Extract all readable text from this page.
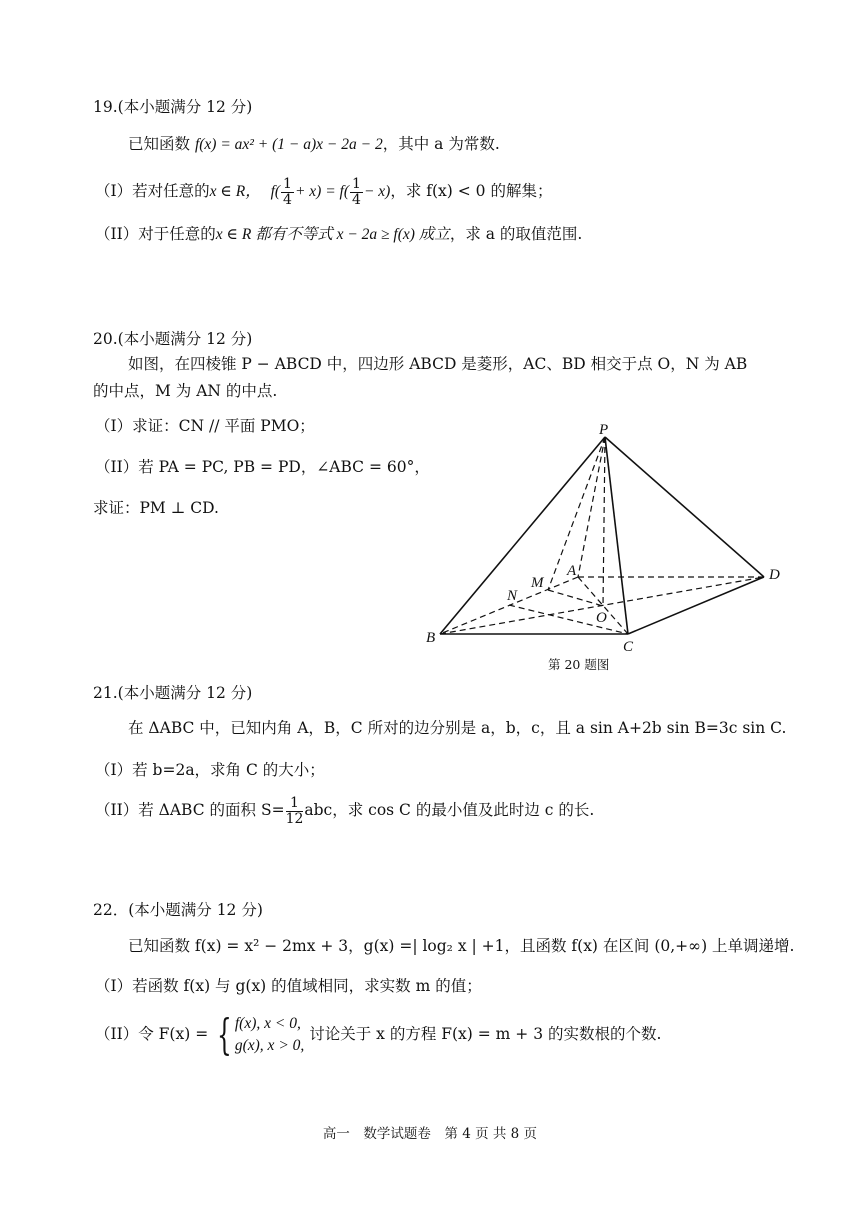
19.(本小题满分 12 分)
已知函数 f(x) = ax² + (1 − a)x − 2a − 2，其中 a 为常数.
（I）若对任意的x ∈ R， $f( \frac{1}{4} + x) = f( \frac{1}{4} - x)$，求 f(x) < 0 的解集；
（II）对于任意的x ∈ R 都有不等式 x − 2a ≥ f(x) 成立，求 a 的取值范围.
20.(本小题满分 12 分)
如图，在四棱锥 P − ABCD 中，四边形 ABCD 是菱形，AC、BD 相交于点 O，N 为 AB
的中点，M 为 AN 的中点.
（I）求证：CN // 平面 PMO；
（II）若 PA = PC, PB = PD，∠ABC = 60°，
求证：PM ⊥ CD.
P
A
M
N
O
B
C
D
第 20 题图
21.(本小题满分 12 分)
在 ΔABC 中，已知内角 A，B，C 所对的边分别是 a，b，c，且 a sin A+2b sin B=3c sin C.
（I）若 b=2a，求角 C 的大小；
（II）若 ΔABC 的面积 $S= \frac{1}{12}$ abc，求 cos C 的最小值及此时边 c 的长.
22．(本小题满分 12 分)
已知函数 f(x) = x² − 2mx + 3，g(x) =| log₂ x | +1，且函数 f(x) 在区间 (0,+∞) 上单调递增.
（I）若函数 f(x) 与 g(x) 的值域相同，求实数 m 的值；
（II）令 F(x) = { f(x), x < 0,
g(x), x > 0,
讨论关于 x 的方程 F(x) = m + 3 的实数根的个数.
高一　数学试题卷　第 4 页 共 8 页
